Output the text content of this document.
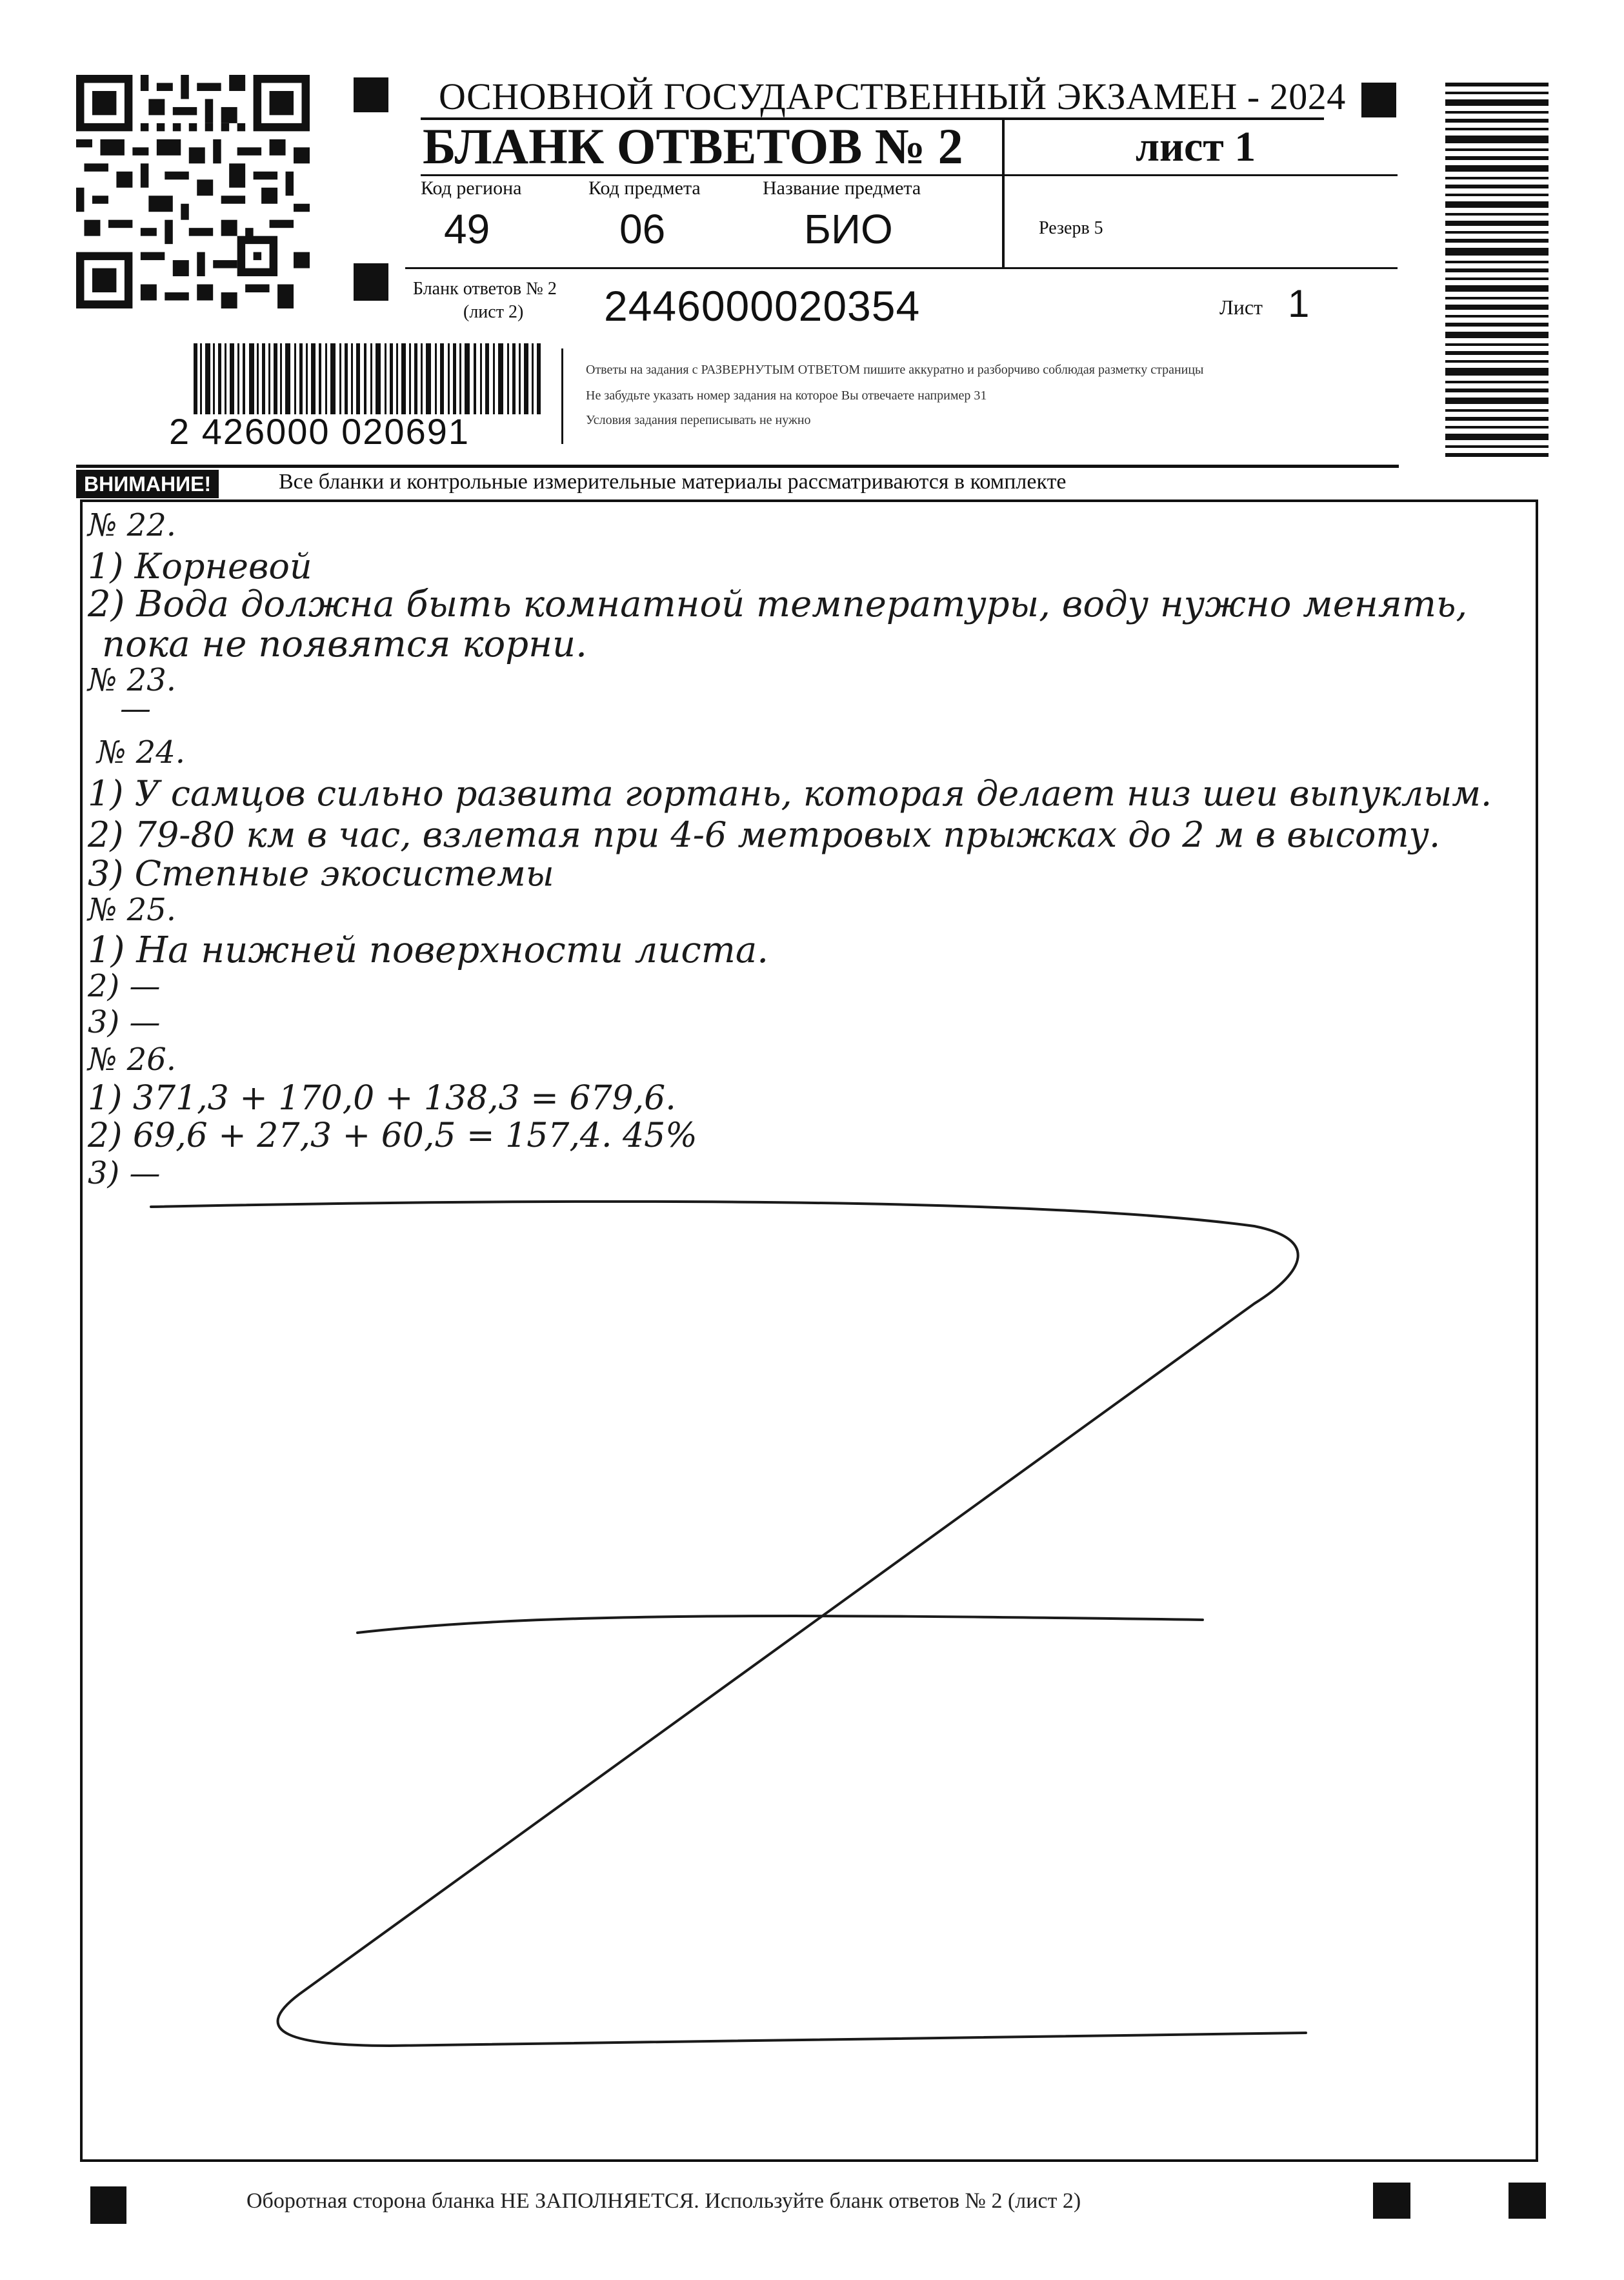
ОСНОВНОЙ ГОСУДАРСТВЕННЫЙ ЭКЗАМЕН - 2024
БЛАНК ОТВЕТОВ № 2	лист 1
Код региона	Код предмета	Название предмета
49	06	БИО	Резерв 5
Бланк ответов № 2
(лист 2) 2446000020354	Лист 1
2 426000 020691
Ответы на задания с РАЗВЕРНУТЫМ ОТВЕТОМ пишите аккуратно и разборчиво соблюдая разметку страницы
Не забудьте указать номер задания на которое Вы отвечаете например 31
Условия задания переписывать не нужно
ВНИМАНИЕ!	Все бланки и контрольные измерительные материалы рассматриваются в комплекте
№ 22.
1) Корневой
2) Вода должна быть комнатной температуры, воду нужно менять,
пока не появятся корни.
№ 23.
—
№ 24.
1) У самцов сильно развита гортань, которая делает низ шеи выпуклым.
2) 79-80 км в час, взлетая при 4-6 метровых прыжках до 2 м в высоту.
3) Степные экосистемы
№ 25.
1) На нижней поверхности листа.
2) —
3) —
№ 26.
1) 371,3 + 170,0 + 138,3 = 679,6.
2) 69,6 + 27,3 + 60,5 = 157,4. 45%
3) —
Оборотная сторона бланка НЕ ЗАПОЛНЯЕТСЯ. Используйте бланк ответов № 2 (лист 2)
